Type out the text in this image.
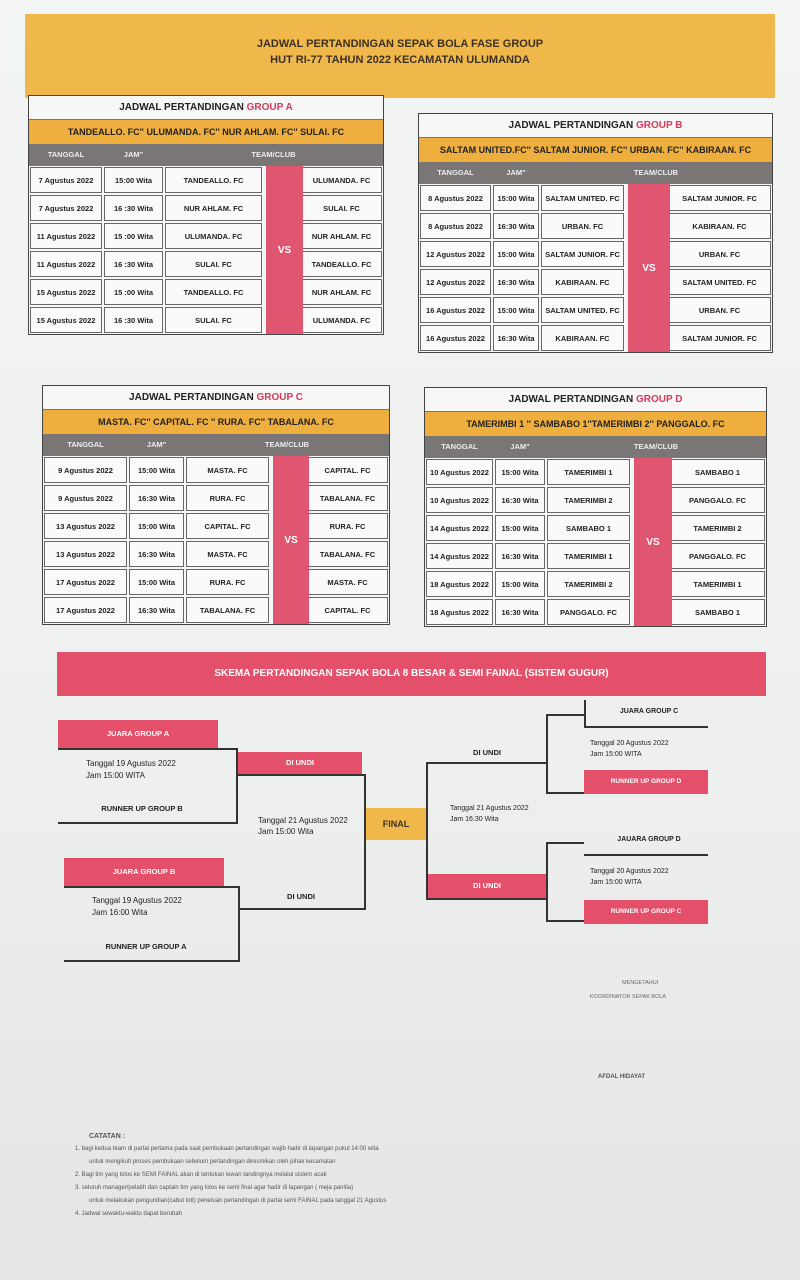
JADWAL PERTANDINGAN SEPAK BOLA FASE GROUP
HUT RI-77 TAHUN 2022 KECAMATAN ULUMANDA
JADWAL PERTANDINGAN GROUP A
TANDEALLO. FC'' ULUMANDA. FC'' NUR AHLAM. FC'' SULAI. FC
TANGGAL	JAM"	TEAM/CLUB
7 Agustus 2022	15:00 Wita	TANDEALLO. FC	ULUMANDA. FC
7 Agustus 2022	16 :30 Wita	NUR AHLAM. FC	SULAI. FC
11 Agustus 2022	15 :00 Wita	ULUMANDA. FC	NUR AHLAM. FC
11 Agustus 2022	16 :30 Wita	SULAI. FC	TANDEALLO. FC
15 Agustus 2022	15 :00 Wita	TANDEALLO. FC	NUR AHLAM. FC
15 Agustus 2022	16 :30 Wita	SULAI. FC	ULUMANDA. FC
VS
JADWAL PERTANDINGAN GROUP B
SALTAM UNITED.FC'' SALTAM JUNIOR. FC'' URBAN. FC'' KABIRAAN. FC
TANGGAL	JAM"	TEAM/CLUB
8 Agustus 2022	15:00 Wita	SALTAM UNITED. FC	SALTAM JUNIOR. FC
8 Agustus 2022	16:30 Wita	URBAN. FC	KABIRAAN. FC
12 Agustus 2022	15:00 Wita	SALTAM JUNIOR. FC	URBAN. FC
12 Agustus 2022	16:30 Wita	KABIRAAN. FC	SALTAM UNITED. FC
16 Agustus 2022	15:00 Wita	SALTAM UNITED. FC	URBAN. FC
16 Agustus 2022	16:30 Wita	KABIRAAN. FC	SALTAM JUNIOR. FC
VS
JADWAL PERTANDINGAN GROUP C
MASTA. FC'' CAPITAL. FC '' RURA. FC'' TABALANA. FC
TANGGAL	JAM"	TEAM/CLUB
9 Agustus 2022	15:00 Wita	MASTA. FC	CAPITAL. FC
9 Agustus 2022	16:30 Wita	RURA. FC	TABALANA. FC
13 Agustus 2022	15:00 Wita	CAPITAL. FC	RURA. FC
13 Agustus 2022	16:30 Wita	MASTA. FC	TABALANA. FC
17 Agustus 2022	15:00 Wita	RURA. FC	MASTA. FC
17 Agustus 2022	16:30 Wita	TABALANA. FC	CAPITAL. FC
VS
JADWAL PERTANDINGAN GROUP D
TAMERIMBI 1 '' SAMBABO 1''TAMERIMBI 2'' PANGGALO. FC
TANGGAL	JAM"	TEAM/CLUB
10 Agustus 2022	15:00 Wita	TAMERIMBI 1	SAMBABO 1
10 Agustus 2022	16:30 Wita	TAMERIMBI 2	PANGGALO. FC
14 Agustus 2022	15:00 Wita	SAMBABO 1	TAMERIMBI 2
14 Agustus 2022	16:30 Wita	TAMERIMBI 1	PANGGALO. FC
18 Agustus 2022	15:00 Wita	TAMERIMBI 2	TAMERIMBI 1
18 Agustus 2022	16:30 Wita	PANGGALO. FC	SAMBABO 1
VS
SKEMA PERTANDINGAN SEPAK BOLA 8 BESAR & SEMI FAINAL (SISTEM GUGUR)
JUARA GROUP A
Tanggal 19 Agustus 2022
Jam 15:00 WITA
RUNNER UP GROUP B
DI UNDI
JUARA GROUP B
Tanggal 19 Agustus 2022
Jam 16:00 Wita
RUNNER UP GROUP A
DI UNDI
Tanggal 21 Agustus 2022
Jam 15:00 Wita
FINAL
DI UNDI
Tanggal 21 Agustus 2022
Jam 16:30 Wita
DI UNDI
JUARA GROUP C
Tanggal 20 Agustus 2022
Jam 15:00 WITA
RUNNER UP GROUP D
JAUARA GROUP D
Tanggal 20 Agustus 2022
Jam 15:00 WITA
RUNNER UP GROUP C
MENGETAHUI
KOORDINATOR SEPAK BOLA
AFDAL HIDAYAT
CATATAN :
1. bagi kedua team di partai pertama pada saat pembukaan pertandingan wajib hadir di lapangan pukul 14:00 wita
untuk mengikuti proses pembukaan sebelum pertandingan diresmikan oleh pihak kecamatan
2. Bagi tim yang lolos ke SEMI FAINAL akan di tentukan lewan tandingnya melalui sistem acak
3. seluruh manager/pelatih dan captain tim yang lolos ke semi final agar hadir di lapangan ( meja panitia)
untuk melakukan pengundian(cabut lott) penetuan pertandingan di partai semi FAINAL pada tanggal 21 Agustus
4. Jadwal sewaktu-waktu dapat berubah
